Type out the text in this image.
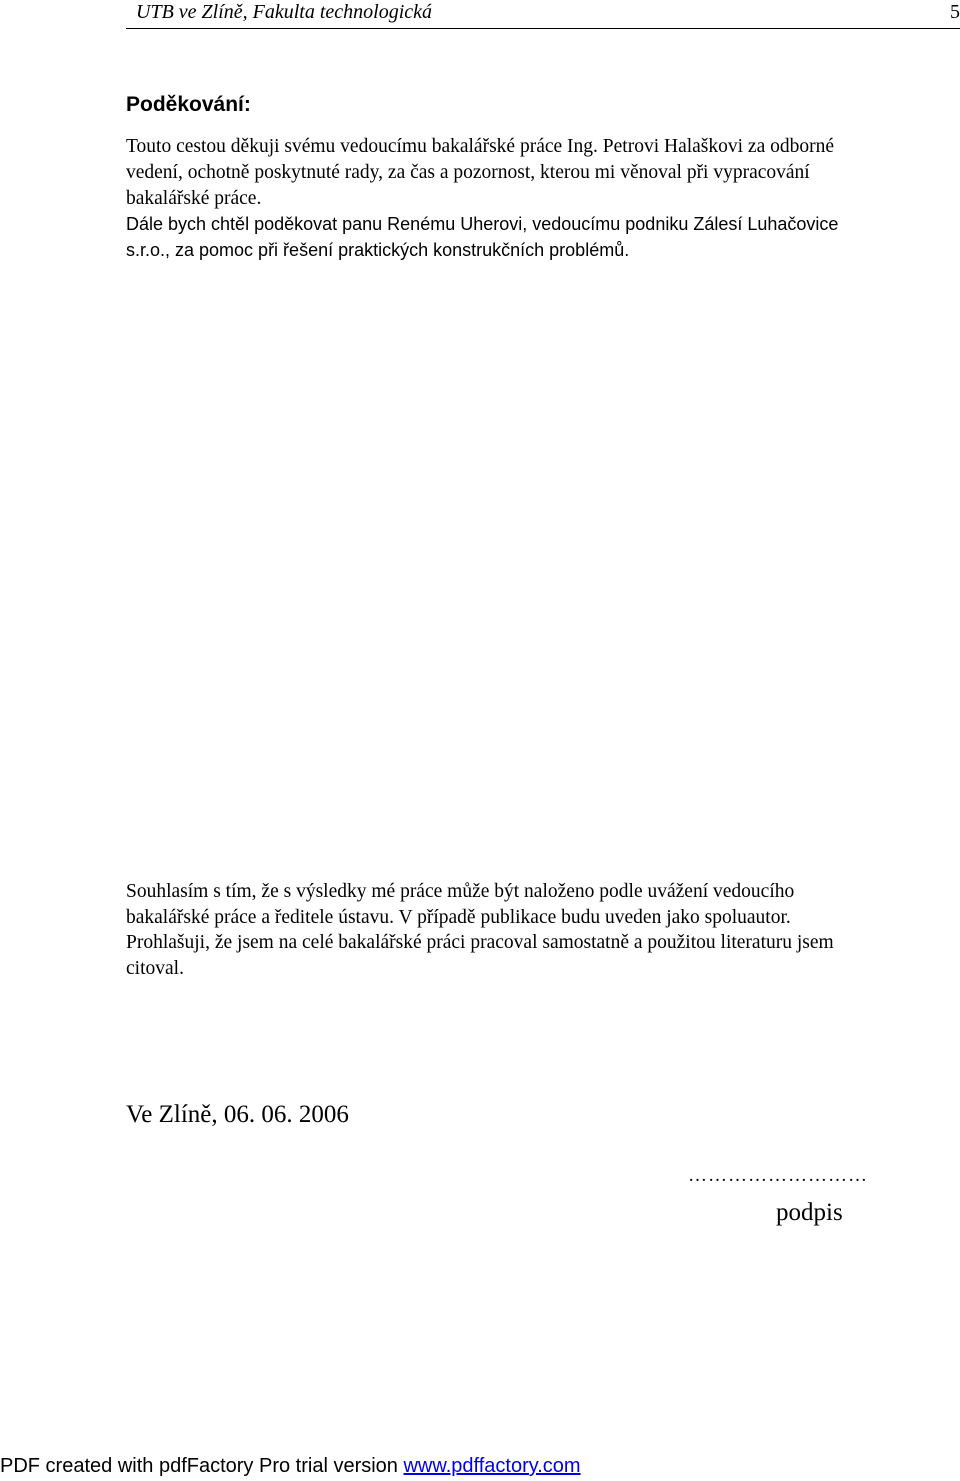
UTB ve Zlíně, Fakulta technologická	5
Poděkování:
Touto cestou děkuji svému vedoucímu bakalářské práce Ing. Petrovi Halaškovi za odborné
vedení, ochotně poskytnuté rady, za čas a pozornost, kterou mi věnoval při vypracování
bakalářské práce.
Dále bych chtěl poděkovat panu Renému Uherovi, vedoucímu podniku Zálesí Luhačovice
s.r.o., za pomoc při řešení praktických konstrukčních problémů.
Souhlasím s tím, že s výsledky mé práce může být naloženo podle uvážení vedoucího
bakalářské práce a ředitele ústavu. V případě publikace budu uveden jako spoluautor.
Prohlašuji, že jsem na celé bakalářské práci pracoval samostatně a použitou literaturu jsem
citoval.
Ve Zlíně, 06. 06. 2006
………………………
podpis
PDF created with pdfFactory Pro trial version www.pdffactory.com
